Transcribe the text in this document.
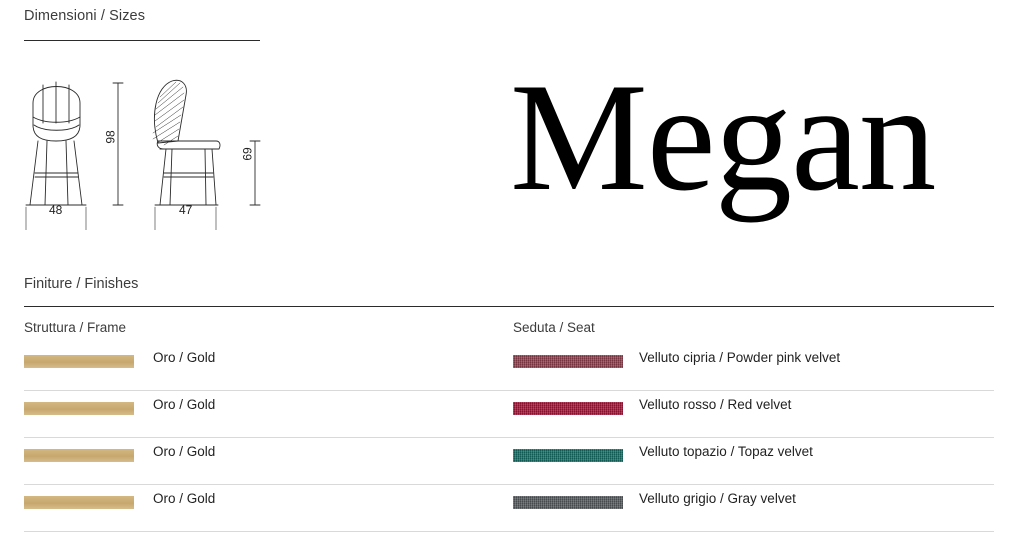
Dimensioni / Sizes
48
98
47
69 Megan
Finiture / Finishes
Struttura / Frame	Seduta / Seat
Oro / Gold	Velluto cipria / Powder pink velvet
Oro / Gold	Velluto rosso / Red velvet
Oro / Gold	Velluto topazio / Topaz velvet
Oro / Gold	Velluto grigio / Gray velvet
